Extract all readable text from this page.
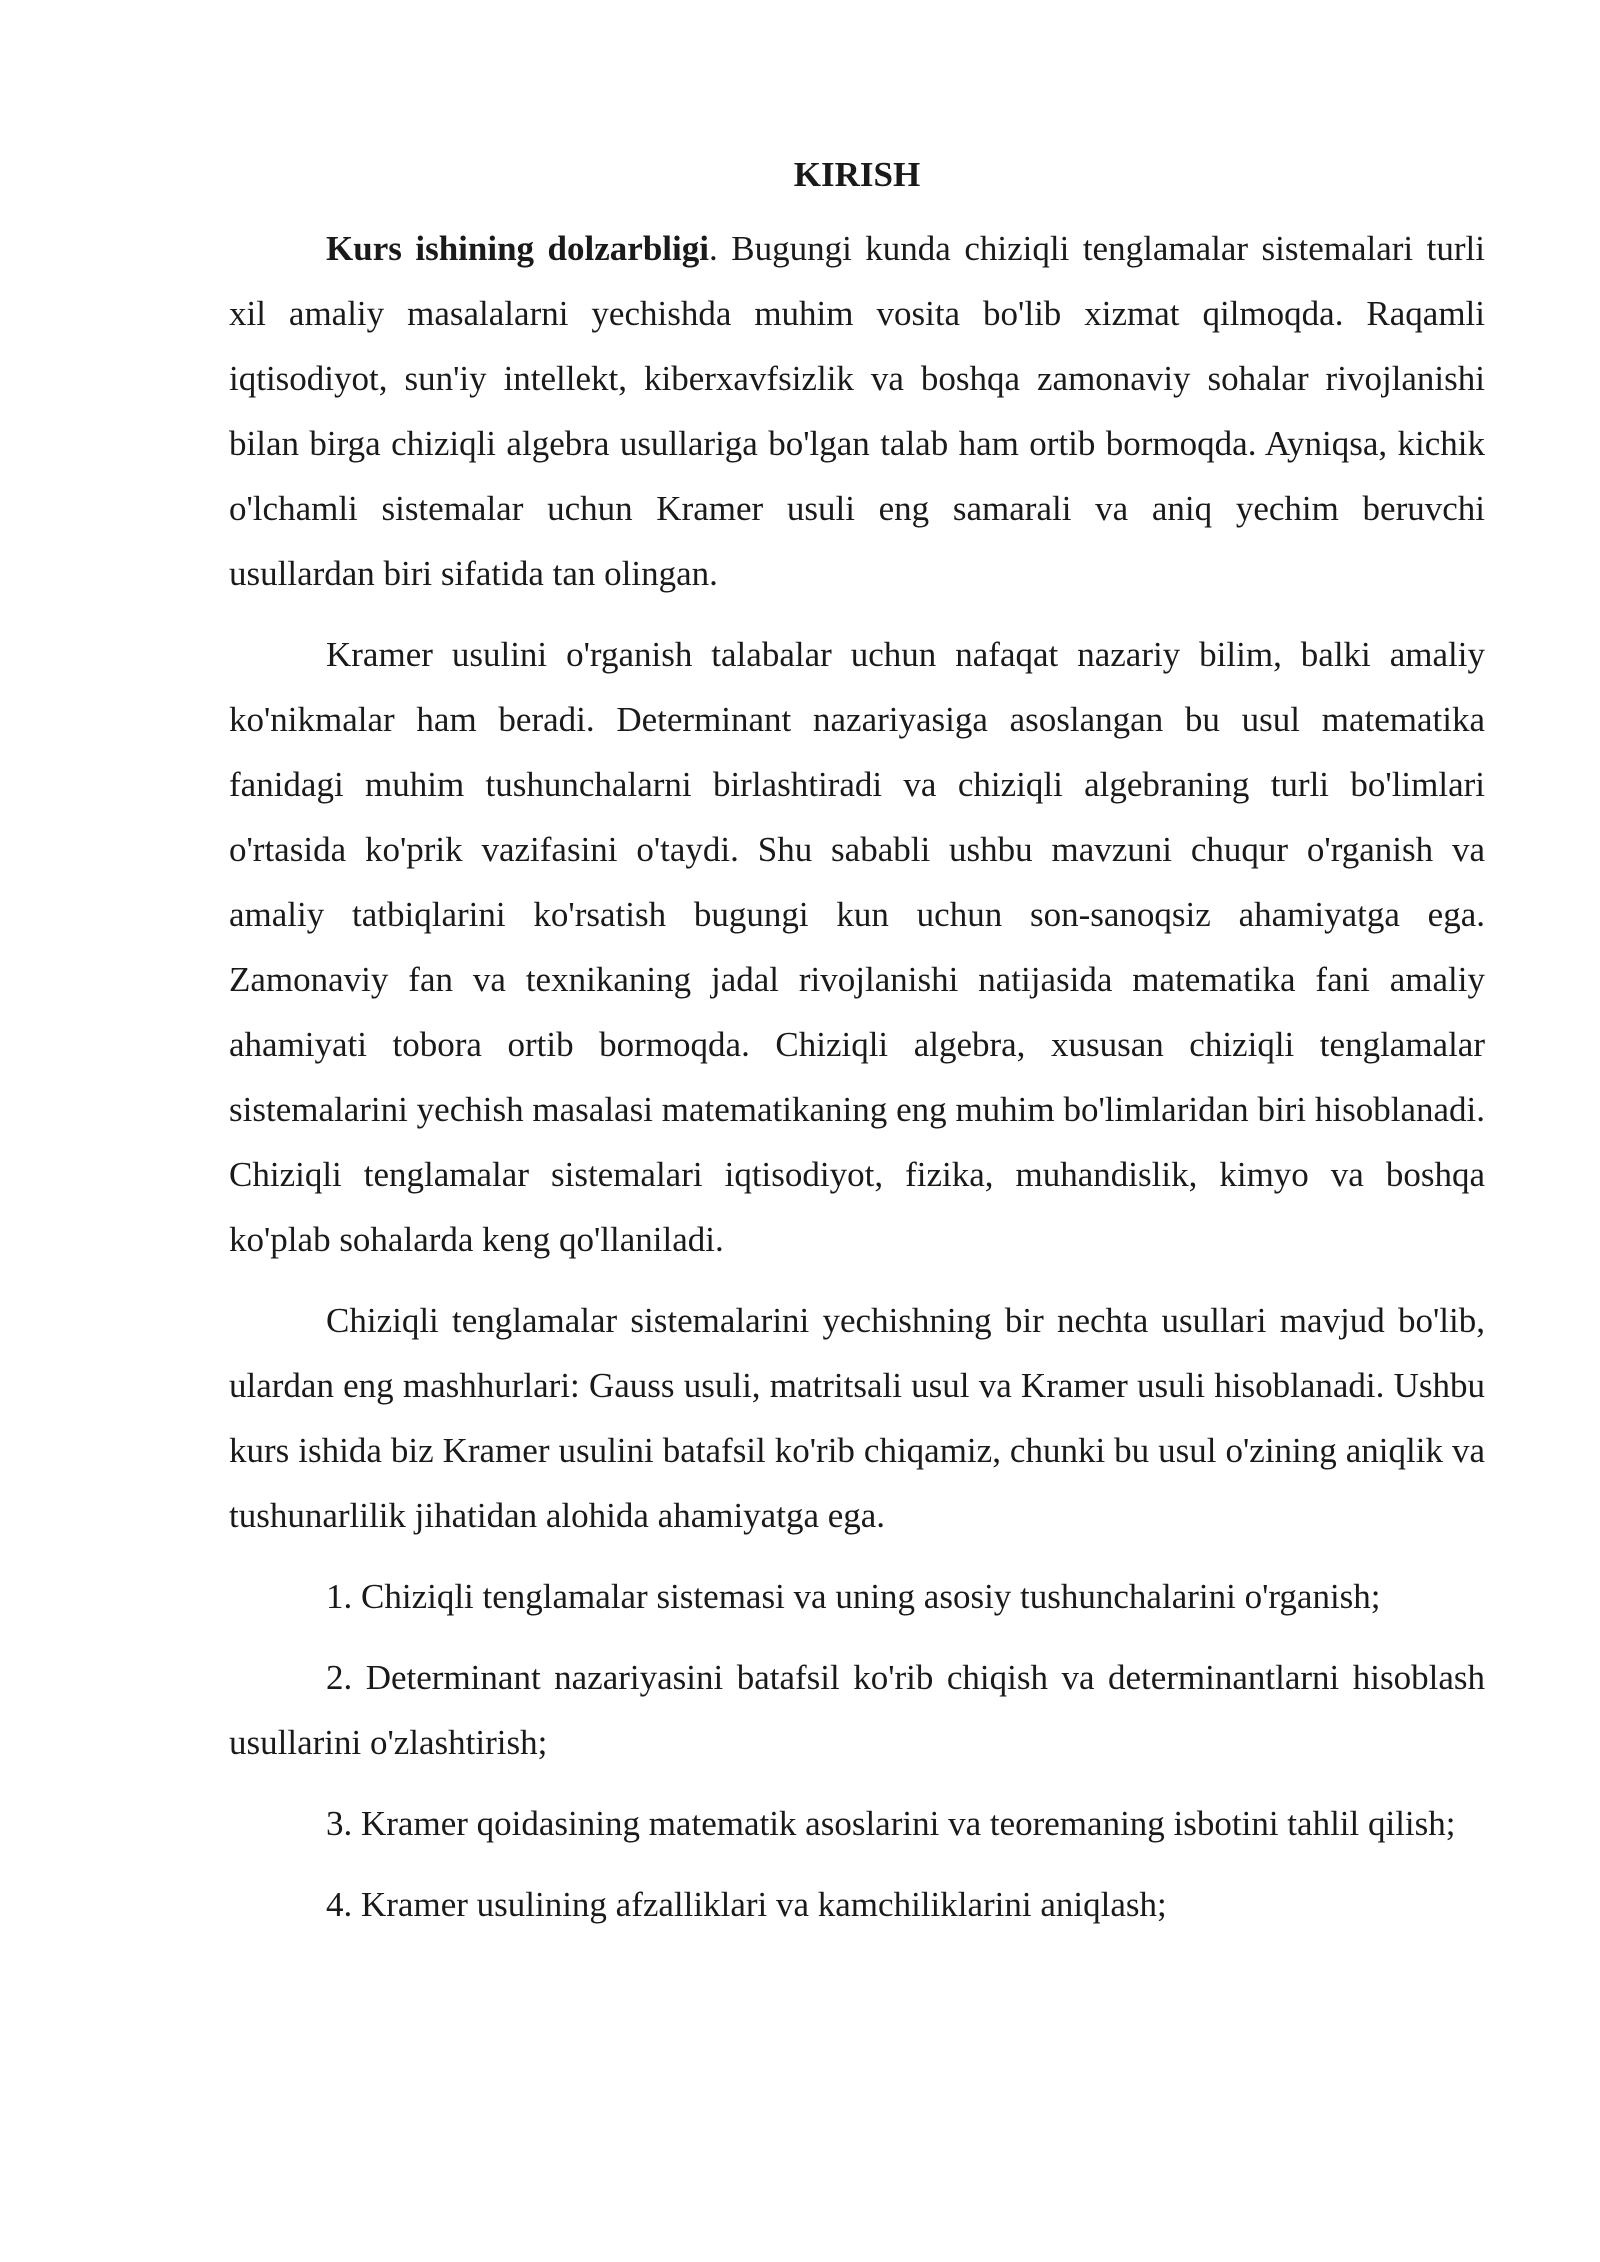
KIRISH

Kurs ishining dolzarbligi. Bugungi kunda chiziqli tenglamalar sistemalari turli xil amaliy masalalarni yechishda muhim vosita bo'lib xizmat qilmoqda. Raqamli iqtisodiyot, sun'iy intellekt, kiberxavfsizlik va boshqa zamonaviy sohalar rivojlanishi bilan birga chiziqli algebra usullariga bo'lgan talab ham ortib bormoqda. Ayniqsa, kichik o'lchamli sistemalar uchun Kramer usuli eng samarali va aniq yechim beruvchi usullardan biri sifatida tan olingan.

Kramer usulini o'rganish talabalar uchun nafaqat nazariy bilim, balki amaliy ko'nikmalar ham beradi. Determinant nazariyasiga asoslangan bu usul matematika fanidagi muhim tushunchalarni birlashtiradi va chiziqli algebraning turli bo'limlari o'rtasida ko'prik vazifasini o'taydi. Shu sababli ushbu mavzuni chuqur o'rganish va amaliy tatbiqlarini ko'rsatish bugungi kun uchun son-sanoqsiz ahamiyatga ega. Zamonaviy fan va texnikaning jadal rivojlanishi natijasida matematika fani amaliy ahamiyati tobora ortib bormoqda. Chiziqli algebra, xususan chiziqli tenglamalar sistemalarini yechish masalasi matematikaning eng muhim bo'limlaridan biri hisoblanadi. Chiziqli tenglamalar sistemalari iqtisodiyot, fizika, muhandislik, kimyo va boshqa ko'plab sohalarda keng qo'llaniladi.

Chiziqli tenglamalar sistemalarini yechishning bir nechta usullari mavjud bo'lib, ulardan eng mashhurlari: Gauss usuli, matritsali usul va Kramer usuli hisoblanadi. Ushbu kurs ishida biz Kramer usulini batafsil ko'rib chiqamiz, chunki bu usul o'zining aniqlik va tushunarlilik jihatidan alohida ahamiyatga ega.

1. Chiziqli tenglamalar sistemasi va uning asosiy tushunchalarini o'rganish;

2. Determinant nazariyasini batafsil ko'rib chiqish va determinantlarni hisoblash usullarini o'zlashtirish;

3. Kramer qoidasining matematik asoslarini va teoremaning isbotini tahlil qilish;

4. Kramer usulining afzalliklari va kamchiliklarini aniqlash;
